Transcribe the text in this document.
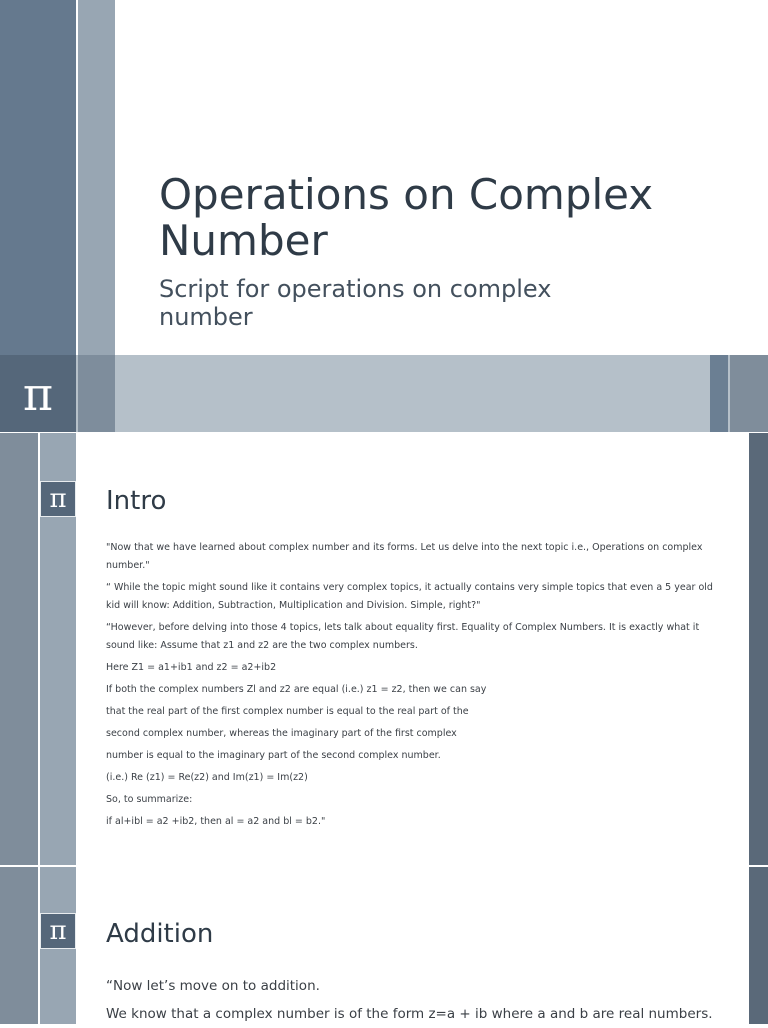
π
Operations on Complex Number
Script for operations on complex number
π	Intro

"Now that we have learned about complex number and its forms. Let us delve into the next topic i.e., Operations on complex number."

“ While the topic might sound like it contains very complex topics, it actually contains very simple topics that even a 5 year old kid will know: Addition, Subtraction, Multiplication and Division. Simple, right?"

“However, before delving into those 4 topics, lets talk about equality first. Equality of Complex Numbers. It is exactly what it sound like: Assume that z1 and z2 are the two complex numbers.

Here Z1 = a1+ib1 and z2 = a2+ib2

If both the complex numbers Zl and z2 are equal (i.e.) z1 = z2, then we can say

that the real part of the first complex number is equal to the real part of the

second complex number, whereas the imaginary part of the first complex

number is equal to the imaginary part of the second complex number.

(i.e.) Re (z1) = Re(z2) and Im(z1) = Im(z2)

So, to summarize:

if al+ibl = a2 +ib2, then al = a2 and bl = b2."

π	Addition

“Now let’s move on to addition.

We know that a complex number is of the form z=a + ib where a and b are real numbers.
